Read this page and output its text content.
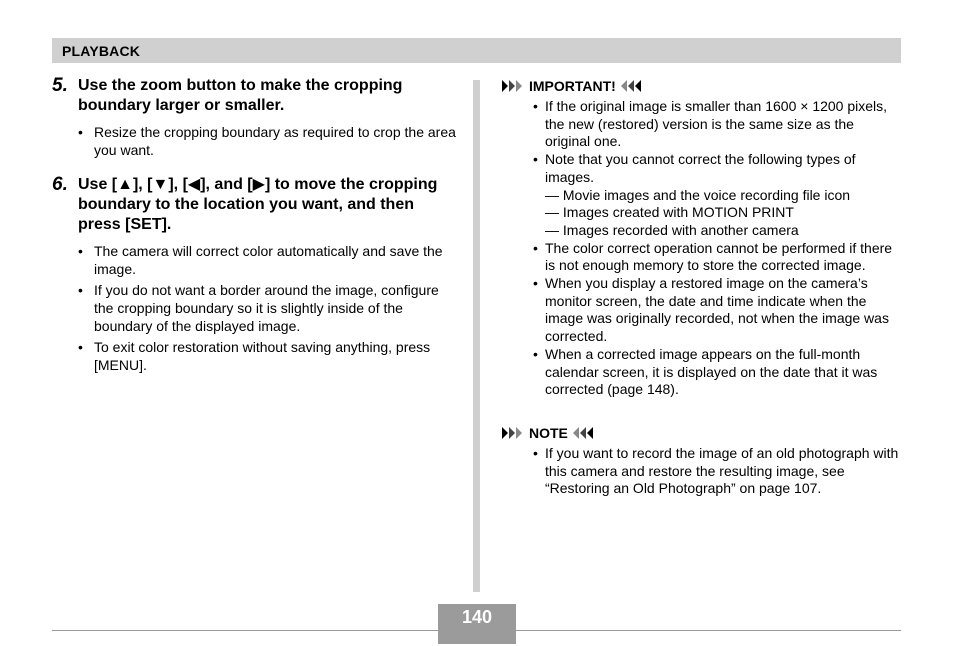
PLAYBACK
5. Use the zoom button to make the cropping boundary larger or smaller.
• Resize the cropping boundary as required to crop the area you want.
6. Use [▲], [▼], [◀], and [▶] to move the cropping boundary to the location you want, and then press [SET].
• The camera will correct color automatically and save the image.
• If you do not want a border around the image, configure the cropping boundary so it is slightly inside of the boundary of the displayed image.
• To exit color restoration without saving anything, press [MENU].
IMPORTANT!
• If the original image is smaller than 1600 × 1200 pixels, the new (restored) version is the same size as the original one.
• Note that you cannot correct the following types of images.
— Movie images and the voice recording file icon
— Images created with MOTION PRINT
— Images recorded with another camera
• The color correct operation cannot be performed if there is not enough memory to store the corrected image.
• When you display a restored image on the camera’s monitor screen, the date and time indicate when the image was originally recorded, not when the image was corrected.
• When a corrected image appears on the full-month calendar screen, it is displayed on the date that it was corrected (page 148).
NOTE
• If you want to record the image of an old photograph with this camera and restore the resulting image, see “Restoring an Old Photograph” on page 107.
140
